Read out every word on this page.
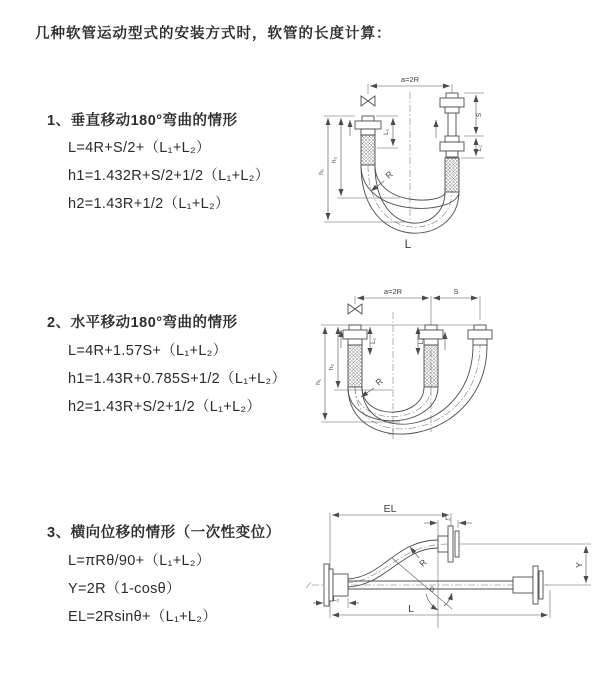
几种软管运动型式的安装方式时，软管的长度计算：
1、垂直移动180°弯曲的情形
L=4R+S/2+（L₁+L₂）
h1=1.432R+S/2+1/2（L₁+L₂）
h2=1.43R+1/2（L₁+L₂）
2、水平移动180°弯曲的情形
L=4R+1.57S+（L₁+L₂）
h1=1.43R+0.785S+1/2（L₁+L₂）
h2=1.43R+S/2+1/2（L₁+L₂）
3、横向位移的情形（一次性变位）
L=πRθ/90+（L₁+L₂）
Y=2R（1-cosθ）
EL=2Rsinθ+（L₁+L₂）
a=2R
L₁
S
L₂
h₁
h₂
R
L
a=2R	S
L₁	L₂
h₁
h₂
R
EL
L₁
L₂
L
Y
θ
R
